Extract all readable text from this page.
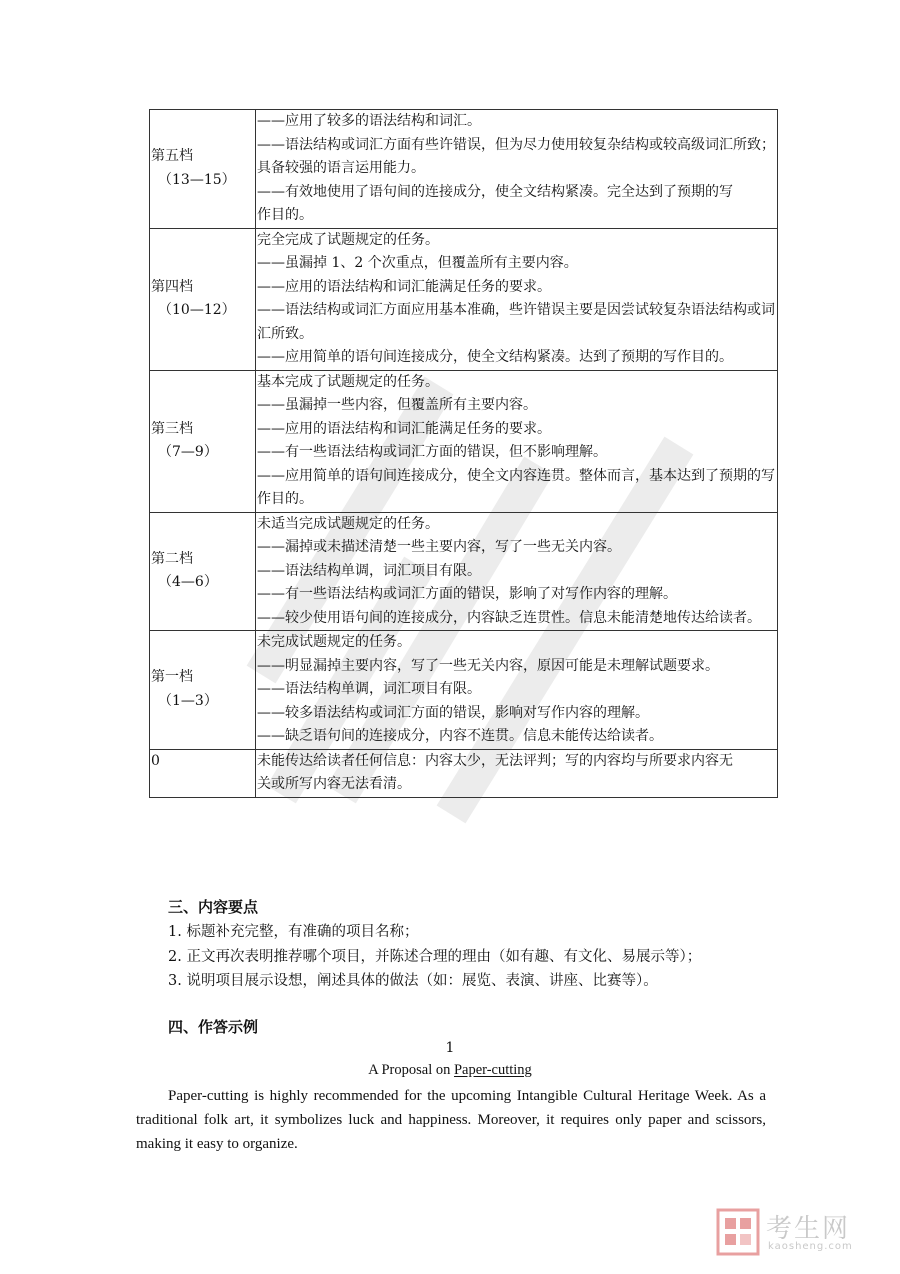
第五档
（13—15）	——应用了较多的语法结构和词汇。
——语法结构或词汇方面有些许错误，但为尽力使用较复杂结构或较高级词汇所致；具备较强的语言运用能力。
——有效地使用了语句间的连接成分，使全文结构紧凑。完全达到了预期的写
作目的。

第四档
（10—12）	完全完成了试题规定的任务。
——虽漏掉 1、2 个次重点，但覆盖所有主要内容。
——应用的语法结构和词汇能满足任务的要求。
——语法结构或词汇方面应用基本准确，些许错误主要是因尝试较复杂语法结构或词汇所致。
——应用简单的语句间连接成分，使全文结构紧凑。达到了预期的写作目的。

第三档
（7—9）	基本完成了试题规定的任务。
——虽漏掉一些内容，但覆盖所有主要内容。
——应用的语法结构和词汇能满足任务的要求。
——有一些语法结构或词汇方面的错误，但不影响理解。
——应用简单的语句间连接成分，使全文内容连贯。整体而言，基本达到了预期的写作目的。

第二档
（4—6）	未适当完成试题规定的任务。
——漏掉或未描述清楚一些主要内容，写了一些无关内容。
——语法结构单调，词汇项目有限。
——有一些语法结构或词汇方面的错误，影响了对写作内容的理解。
——较少使用语句间的连接成分，内容缺乏连贯性。信息未能清楚地传达给读者。

第一档
（1—3）	未完成试题规定的任务。
——明显漏掉主要内容，写了一些无关内容，原因可能是未理解试题要求。
——语法结构单调，词汇项目有限。
——较多语法结构或词汇方面的错误，影响对写作内容的理解。
——缺乏语句间的连接成分，内容不连贯。信息未能传达给读者。

0	未能传达给读者任何信息：内容太少，无法评判；写的内容均与所要求内容无
关或所写内容无法看清。
三、内容要点
1. 标题补充完整，有准确的项目名称；
2. 正文再次表明推荐哪个项目，并陈述合理的理由（如有趣、有文化、易展示等）；
3. 说明项目展示设想，阐述具体的做法（如：展览、表演、讲座、比赛等）。
四、作答示例
1
A Proposal on Paper-cutting

Paper-cutting is highly recommended for the upcoming Intangible Cultural Heritage Week. As a traditional folk art, it symbolizes luck and happiness. Moreover, it requires only paper and scissors, making it easy to organize.

考生网
kaosheng.com
